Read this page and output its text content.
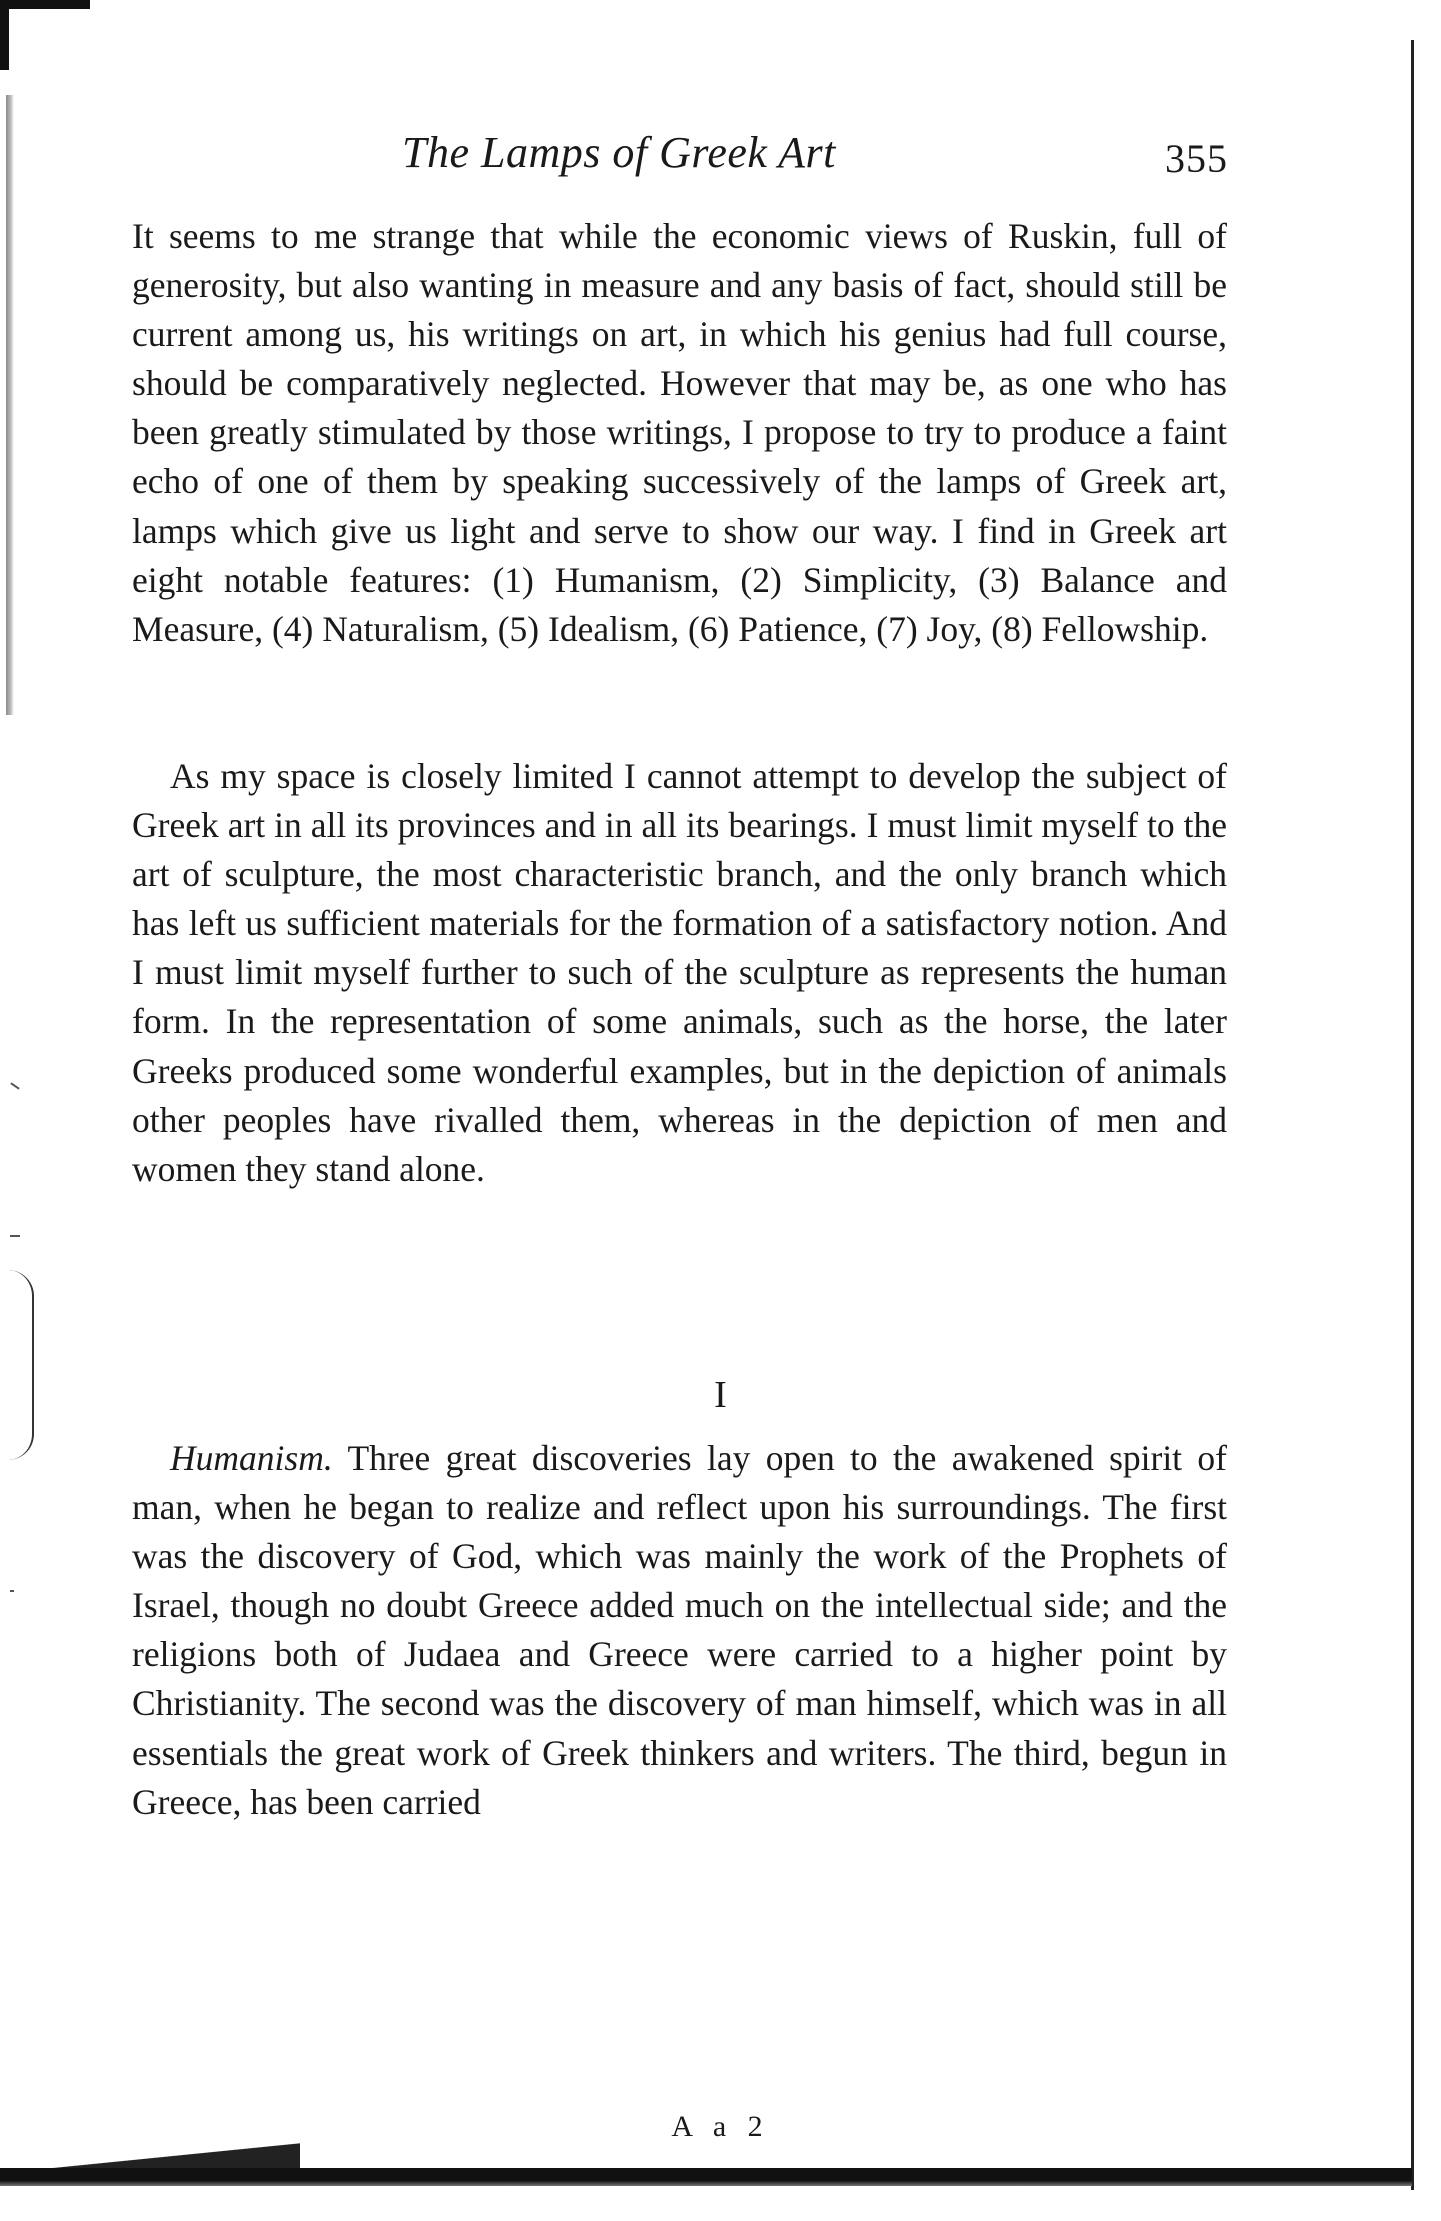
The Lamps of Greek Art	355
It seems to me strange that while the economic views of Ruskin, full of generosity, but also wanting in measure and any basis of fact, should still be current among us, his writings on art, in which his genius had full course, should be comparatively neglected. However that may be, as one who has been greatly stimulated by those writings, I propose to try to produce a faint echo of one of them by speaking successively of the lamps of Greek art, lamps which give us light and serve to show our way. I find in Greek art eight notable features: (1) Humanism, (2) Simplicity, (3) Balance and Measure, (4) Naturalism, (5) Idealism, (6) Patience, (7) Joy, (8) Fellowship.
As my space is closely limited I cannot attempt to develop the subject of Greek art in all its provinces and in all its bearings. I must limit myself to the art of sculpture, the most characteristic branch, and the only branch which has left us sufficient materials for the formation of a satisfactory notion. And I must limit myself further to such of the sculpture as represents the human form. In the representation of some animals, such as the horse, the later Greeks produced some wonderful examples, but in the depiction of animals other peoples have rivalled them, whereas in the depiction of men and women they stand alone.
I
Humanism. Three great discoveries lay open to the awakened spirit of man, when he began to realize and reflect upon his surroundings. The first was the discovery of God, which was mainly the work of the Prophets of Israel, though no doubt Greece added much on the intellectual side; and the religions both of Judaea and Greece were carried to a higher point by Christianity. The second was the discovery of man himself, which was in all essentials the great work of Greek thinkers and writers. The third, begun in Greece, has been carried
A a 2
